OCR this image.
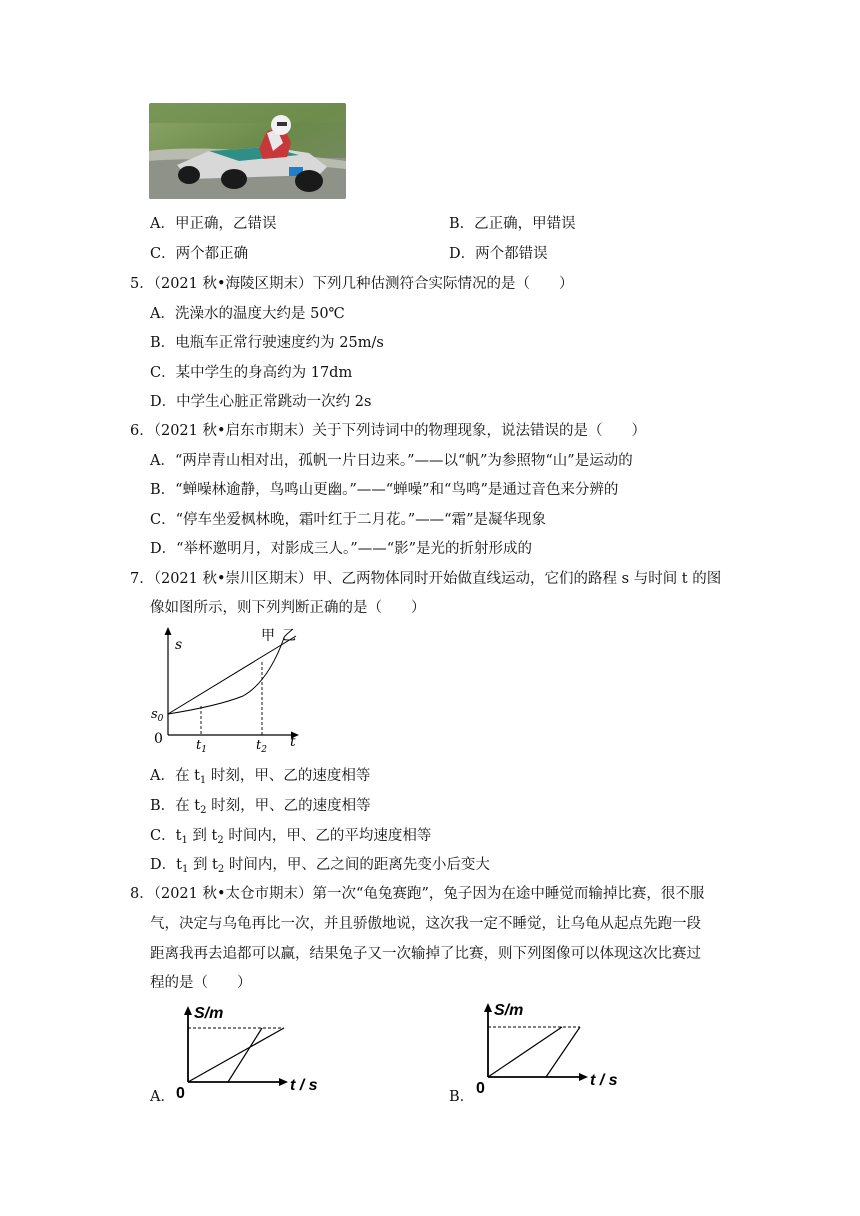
A．甲正确，乙错误	B．乙正确，甲错误
C．两个都正确	D．两个都错误
5．（2021 秋•海陵区期末）下列几种估测符合实际情况的是（　　）
A．洗澡水的温度大约是 50℃
B．电瓶车正常行驶速度约为 25m/s
C．某中学生的身高约为 17dm
D．中学生心脏正常跳动一次约 2s
6．（2021 秋•启东市期末）关于下列诗词中的物理现象，说法错误的是（　　）
A．“两岸青山相对出，孤帆一片日边来。”——以“帆”为参照物“山”是运动的
B．“蝉噪林逾静，鸟鸣山更幽。”——“蝉噪”和“鸟鸣”是通过音色来分辨的
C．“停车坐爱枫林晚，霜叶红于二月花。”——“霜”是凝华现象
D．“举杯邀明月，对影成三人。”——“影”是光的折射形成的
7．（2021 秋•崇川区期末）甲、乙两物体同时开始做直线运动，它们的路程 s 与时间 t 的图
像如图所示，则下列判断正确的是（　　）
s
t
0
$s_0$
$t_1$	$t_2$
甲 乙
A．在 $t_1$ 时刻，甲、乙的速度相等
B．在 $t_2$ 时刻，甲、乙的速度相等
C．$t_1$ 到 $t_2$ 时间内，甲、乙的平均速度相等
D．$t_1$ 到 $t_2$ 时间内，甲、乙之间的距离先变小后变大
8．（2021 秋•太仓市期末）第一次“龟兔赛跑”，兔子因为在途中睡觉而输掉比赛，很不服
气，决定与乌龟再比一次，并且骄傲地说，这次我一定不睡觉，让乌龟从起点先跑一段
距离我再去追都可以赢，结果兔子又一次输掉了比赛，则下列图像可以体现这次比赛过
程的是（　　）
A．
S/m
t / s
0	B．
S/m
t / s
0
